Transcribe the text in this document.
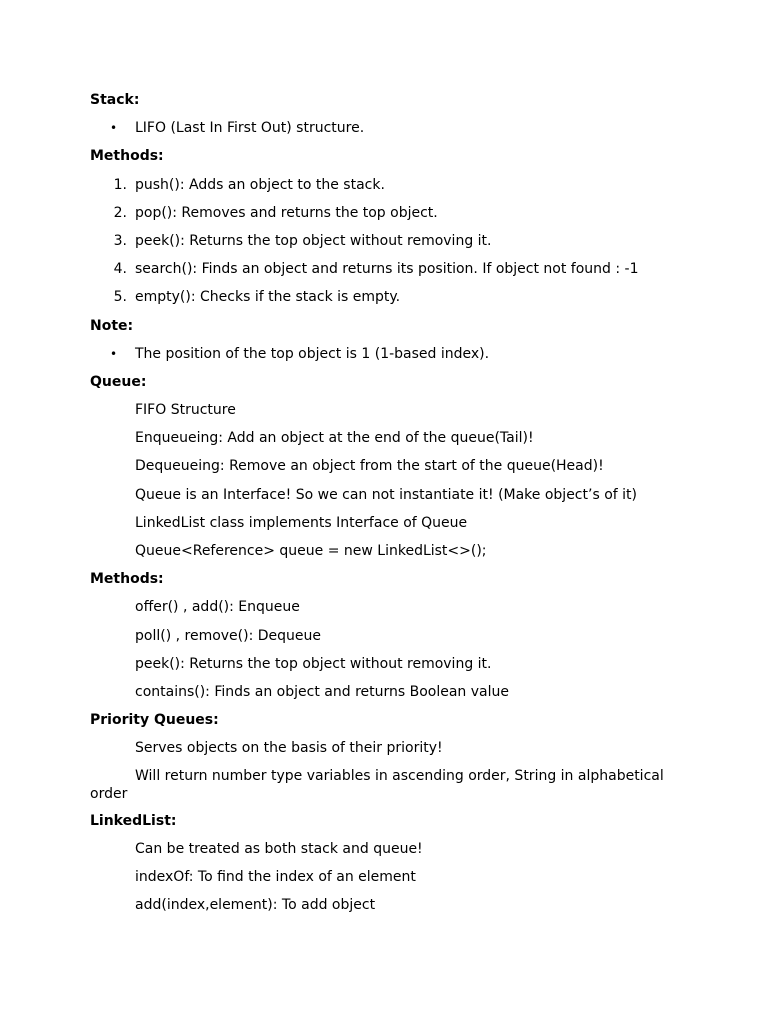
Stack:
• LIFO (Last In First Out) structure.
Methods:
1. push(): Adds an object to the stack.
2. pop(): Removes and returns the top object.
3. peek(): Returns the top object without removing it.
4. search(): Finds an object and returns its position. If object not found : -1
5. empty(): Checks if the stack is empty.
Note:
• The position of the top object is 1 (1-based index).
Queue:
FIFO Structure
Enqueueing: Add an object at the end of the queue(Tail)!
Dequeueing: Remove an object from the start of the queue(Head)!
Queue is an Interface! So we can not instantiate it! (Make object’s of it)
LinkedList class implements Interface of Queue
Queue<Reference> queue = new LinkedList<>();
Methods:
offer() , add(): Enqueue
poll() , remove(): Dequeue
peek(): Returns the top object without removing it.
contains(): Finds an object and returns Boolean value
Priority Queues:
Serves objects on the basis of their priority!
Will return number type variables in ascending order, String in alphabetical order
LinkedList:
Can be treated as both stack and queue!
indexOf: To find the index of an element
add(index,element): To add object
